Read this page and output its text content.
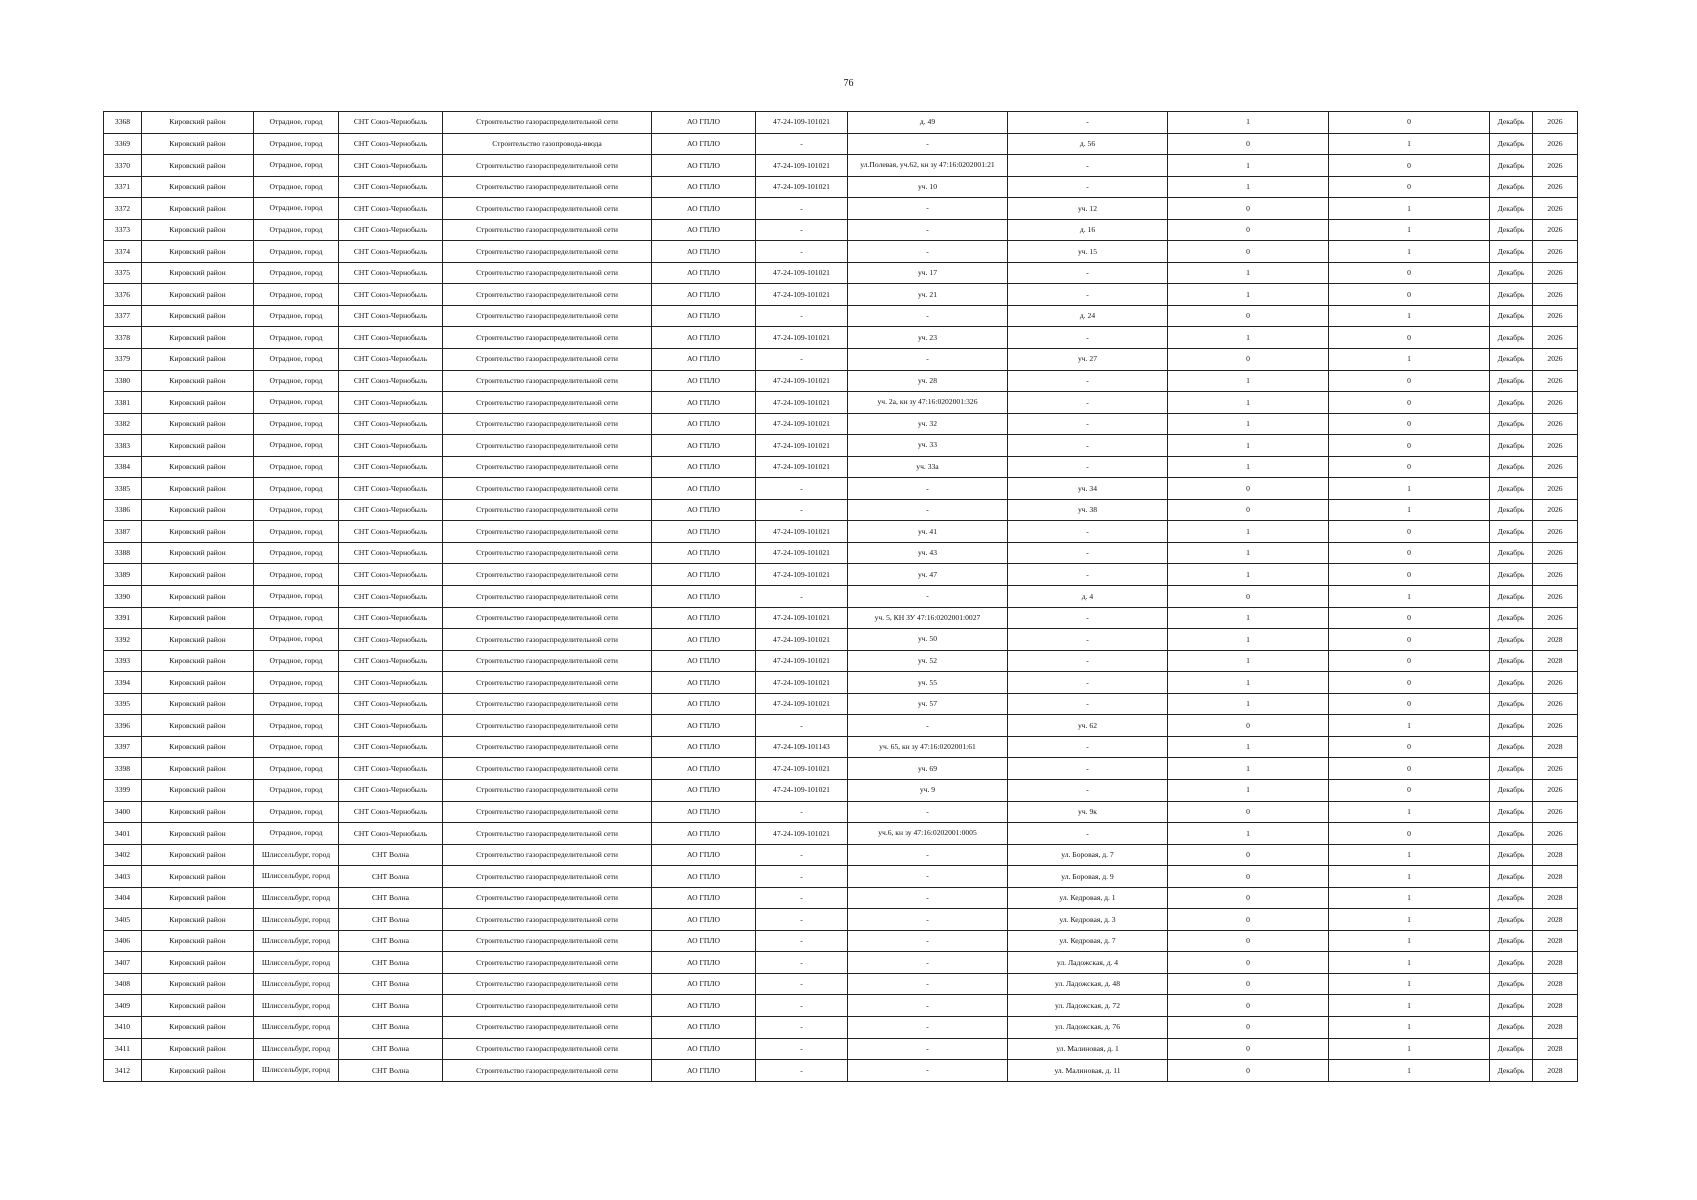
76
3368	Кировский район	Отрадное, город	СНТ Союз-Чернобыль	Строительство газораспределительной сети	АО ГПЛО	47-24-109-101021	д. 49	-	1	0	Декабрь	2026
3369	Кировский район	Отрадное, город	СНТ Союз-Чернобыль	Строительство газопровода-ввода	АО ГПЛО	-	-	д. 56	0	1	Декабрь	2026
3370	Кировский район	Отрадное, город	СНТ Союз-Чернобыль	Строительство газораспределительной сети	АО ГПЛО	47-24-109-101021	ул.Полевая, уч.62, кн зу 47:16:0202001:21	-	1	0	Декабрь	2026
3371	Кировский район	Отрадное, город	СНТ Союз-Чернобыль	Строительство газораспределительной сети	АО ГПЛО	47-24-109-101021	уч. 10	-	1	0	Декабрь	2026
3372	Кировский район	Отрадное, город	СНТ Союз-Чернобыль	Строительство газораспределительной сети	АО ГПЛО	-	-	уч. 12	0	1	Декабрь	2026
3373	Кировский район	Отрадное, город	СНТ Союз-Чернобыль	Строительство газораспределительной сети	АО ГПЛО	-	-	д. 16	0	1	Декабрь	2026
3374	Кировский район	Отрадное, город	СНТ Союз-Чернобыль	Строительство газораспределительной сети	АО ГПЛО	-	-	уч. 15	0	1	Декабрь	2026
3375	Кировский район	Отрадное, город	СНТ Союз-Чернобыль	Строительство газораспределительной сети	АО ГПЛО	47-24-109-101021	уч. 17	-	1	0	Декабрь	2026
3376	Кировский район	Отрадное, город	СНТ Союз-Чернобыль	Строительство газораспределительной сети	АО ГПЛО	47-24-109-101021	уч. 21	-	1	0	Декабрь	2026
3377	Кировский район	Отрадное, город	СНТ Союз-Чернобыль	Строительство газораспределительной сети	АО ГПЛО	-	-	д. 24	0	1	Декабрь	2026
3378	Кировский район	Отрадное, город	СНТ Союз-Чернобыль	Строительство газораспределительной сети	АО ГПЛО	47-24-109-101021	уч. 23	-	1	0	Декабрь	2026
3379	Кировский район	Отрадное, город	СНТ Союз-Чернобыль	Строительство газораспределительной сети	АО ГПЛО	-	-	уч. 27	0	1	Декабрь	2026
3380	Кировский район	Отрадное, город	СНТ Союз-Чернобыль	Строительство газораспределительной сети	АО ГПЛО	47-24-109-101021	уч. 28	-	1	0	Декабрь	2026
3381	Кировский район	Отрадное, город	СНТ Союз-Чернобыль	Строительство газораспределительной сети	АО ГПЛО	47-24-109-101021	уч. 2а, кн зу 47:16:0202001:326	-	1	0	Декабрь	2026
3382	Кировский район	Отрадное, город	СНТ Союз-Чернобыль	Строительство газораспределительной сети	АО ГПЛО	47-24-109-101021	уч. 32	-	1	0	Декабрь	2026
3383	Кировский район	Отрадное, город	СНТ Союз-Чернобыль	Строительство газораспределительной сети	АО ГПЛО	47-24-109-101021	уч. 33	-	1	0	Декабрь	2026
3384	Кировский район	Отрадное, город	СНТ Союз-Чернобыль	Строительство газораспределительной сети	АО ГПЛО	47-24-109-101021	уч. 33а	-	1	0	Декабрь	2026
3385	Кировский район	Отрадное, город	СНТ Союз-Чернобыль	Строительство газораспределительной сети	АО ГПЛО	-	-	уч. 34	0	1	Декабрь	2026
3386	Кировский район	Отрадное, город	СНТ Союз-Чернобыль	Строительство газораспределительной сети	АО ГПЛО	-	-	уч. 38	0	1	Декабрь	2026
3387	Кировский район	Отрадное, город	СНТ Союз-Чернобыль	Строительство газораспределительной сети	АО ГПЛО	47-24-109-101021	уч. 41	-	1	0	Декабрь	2026
3388	Кировский район	Отрадное, город	СНТ Союз-Чернобыль	Строительство газораспределительной сети	АО ГПЛО	47-24-109-101021	уч. 43	-	1	0	Декабрь	2026
3389	Кировский район	Отрадное, город	СНТ Союз-Чернобыль	Строительство газораспределительной сети	АО ГПЛО	47-24-109-101021	уч. 47	-	1	0	Декабрь	2026
3390	Кировский район	Отрадное, город	СНТ Союз-Чернобыль	Строительство газораспределительной сети	АО ГПЛО	-	-	д. 4	0	1	Декабрь	2026
3391	Кировский район	Отрадное, город	СНТ Союз-Чернобыль	Строительство газораспределительной сети	АО ГПЛО	47-24-109-101021	уч. 5, КН ЗУ 47:16:0202001:0027	-	1	0	Декабрь	2026
3392	Кировский район	Отрадное, город	СНТ Союз-Чернобыль	Строительство газораспределительной сети	АО ГПЛО	47-24-109-101021	уч. 50	-	1	0	Декабрь	2028
3393	Кировский район	Отрадное, город	СНТ Союз-Чернобыль	Строительство газораспределительной сети	АО ГПЛО	47-24-109-101021	уч. 52	-	1	0	Декабрь	2028
3394	Кировский район	Отрадное, город	СНТ Союз-Чернобыль	Строительство газораспределительной сети	АО ГПЛО	47-24-109-101021	уч. 55	-	1	0	Декабрь	2026
3395	Кировский район	Отрадное, город	СНТ Союз-Чернобыль	Строительство газораспределительной сети	АО ГПЛО	47-24-109-101021	уч. 57	-	1	0	Декабрь	2026
3396	Кировский район	Отрадное, город	СНТ Союз-Чернобыль	Строительство газораспределительной сети	АО ГПЛО	-	-	уч. 62	0	1	Декабрь	2026
3397	Кировский район	Отрадное, город	СНТ Союз-Чернобыль	Строительство газораспределительной сети	АО ГПЛО	47-24-109-101143	уч. 65, кн зу 47:16:0202001:61	-	1	0	Декабрь	2028
3398	Кировский район	Отрадное, город	СНТ Союз-Чернобыль	Строительство газораспределительной сети	АО ГПЛО	47-24-109-101021	уч. 69	-	1	0	Декабрь	2026
3399	Кировский район	Отрадное, город	СНТ Союз-Чернобыль	Строительство газораспределительной сети	АО ГПЛО	47-24-109-101021	уч. 9	-	1	0	Декабрь	2026
3400	Кировский район	Отрадное, город	СНТ Союз-Чернобыль	Строительство газораспределительной сети	АО ГПЛО	-	-	уч. 9к	0	1	Декабрь	2026
3401	Кировский район	Отрадное, город	СНТ Союз-Чернобыль	Строительство газораспределительной сети	АО ГПЛО	47-24-109-101021	уч.6, кн зу 47:16:0202001:0005	-	1	0	Декабрь	2026
3402	Кировский район	Шлиссельбург, город	СНТ Волна	Строительство газораспределительной сети	АО ГПЛО	-	-	ул. Боровая, д. 7	0	1	Декабрь	2028
3403	Кировский район	Шлиссельбург, город	СНТ Волна	Строительство газораспределительной сети	АО ГПЛО	-	-	ул. Боровая, д. 9	0	1	Декабрь	2028
3404	Кировский район	Шлиссельбург, город	СНТ Волна	Строительство газораспределительной сети	АО ГПЛО	-	-	ул. Кедровая, д. 1	0	1	Декабрь	2028
3405	Кировский район	Шлиссельбург, город	СНТ Волна	Строительство газораспределительной сети	АО ГПЛО	-	-	ул. Кедровая, д. 3	0	1	Декабрь	2028
3406	Кировский район	Шлиссельбург, город	СНТ Волна	Строительство газораспределительной сети	АО ГПЛО	-	-	ул. Кедровая, д. 7	0	1	Декабрь	2028
3407	Кировский район	Шлиссельбург, город	СНТ Волна	Строительство газораспределительной сети	АО ГПЛО	-	-	ул. Ладожская, д. 4	0	1	Декабрь	2028
3408	Кировский район	Шлиссельбург, город	СНТ Волна	Строительство газораспределительной сети	АО ГПЛО	-	-	ул. Ладожская, д. 48	0	1	Декабрь	2028
3409	Кировский район	Шлиссельбург, город	СНТ Волна	Строительство газораспределительной сети	АО ГПЛО	-	-	ул. Ладожская, д. 72	0	1	Декабрь	2028
3410	Кировский район	Шлиссельбург, город	СНТ Волна	Строительство газораспределительной сети	АО ГПЛО	-	-	ул. Ладожская, д. 76	0	1	Декабрь	2028
3411	Кировский район	Шлиссельбург, город	СНТ Волна	Строительство газораспределительной сети	АО ГПЛО	-	-	ул. Малиновая, д. 1	0	1	Декабрь	2028
3412	Кировский район	Шлиссельбург, город	СНТ Волна	Строительство газораспределительной сети	АО ГПЛО	-	-	ул. Малиновая, д. 11	0	1	Декабрь	2028
